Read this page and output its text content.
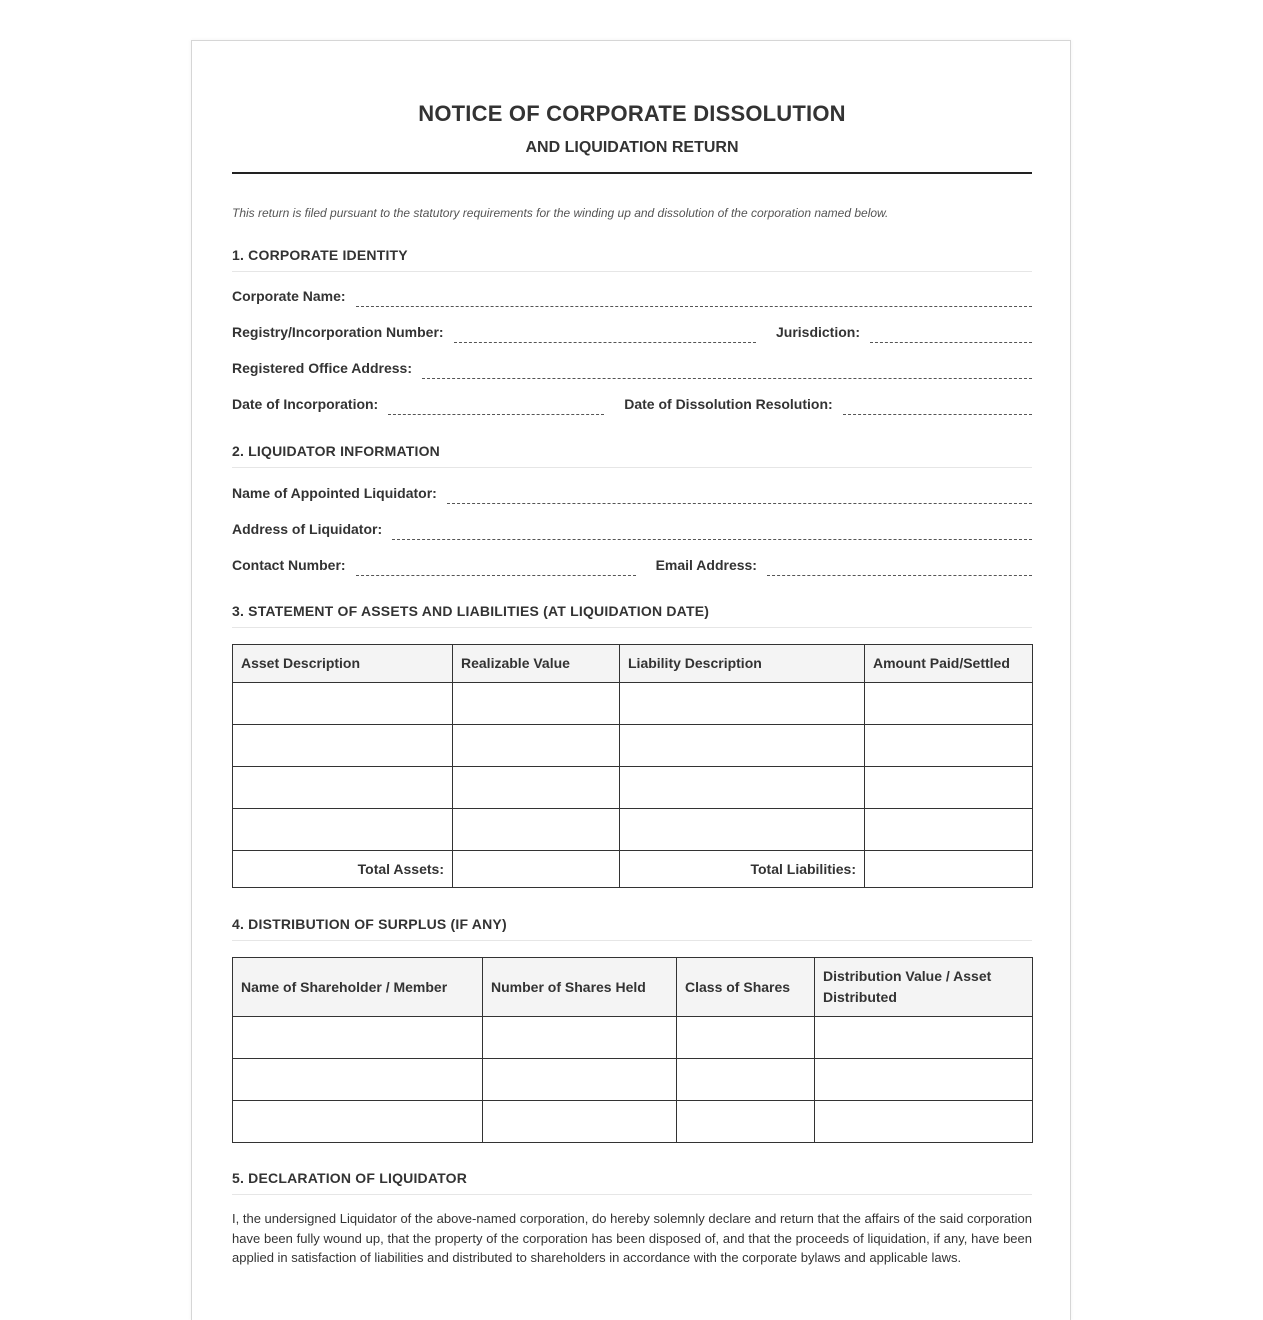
NOTICE OF CORPORATE DISSOLUTION
AND LIQUIDATION RETURN
This return is filed pursuant to the statutory requirements for the winding up and dissolution of the corporation named below.
1. CORPORATE IDENTITY
Corporate Name:
Registry/Incorporation Number:	Jurisdiction:
Registered Office Address:
Date of Incorporation:	Date of Dissolution Resolution:
2. LIQUIDATOR INFORMATION
Name of Appointed Liquidator:
Address of Liquidator:
Contact Number:	Email Address:
3. STATEMENT OF ASSETS AND LIABILITIES (AT LIQUIDATION DATE)
Asset Description	Realizable Value	Liability Description	Amount Paid/Settled

Total Assets:		Total Liabilities:	
4. DISTRIBUTION OF SURPLUS (IF ANY)
Name of Shareholder / Member	Number of Shares Held	Class of Shares	Distribution Value / Asset Distributed

5. DECLARATION OF LIQUIDATOR
I, the undersigned Liquidator of the above-named corporation, do hereby solemnly declare and return that the affairs of the said corporation have been fully wound up, that the property of the corporation has been disposed of, and that the proceeds of liquidation, if any, have been applied in satisfaction of liabilities and distributed to shareholders in accordance with the corporate bylaws and applicable laws.
